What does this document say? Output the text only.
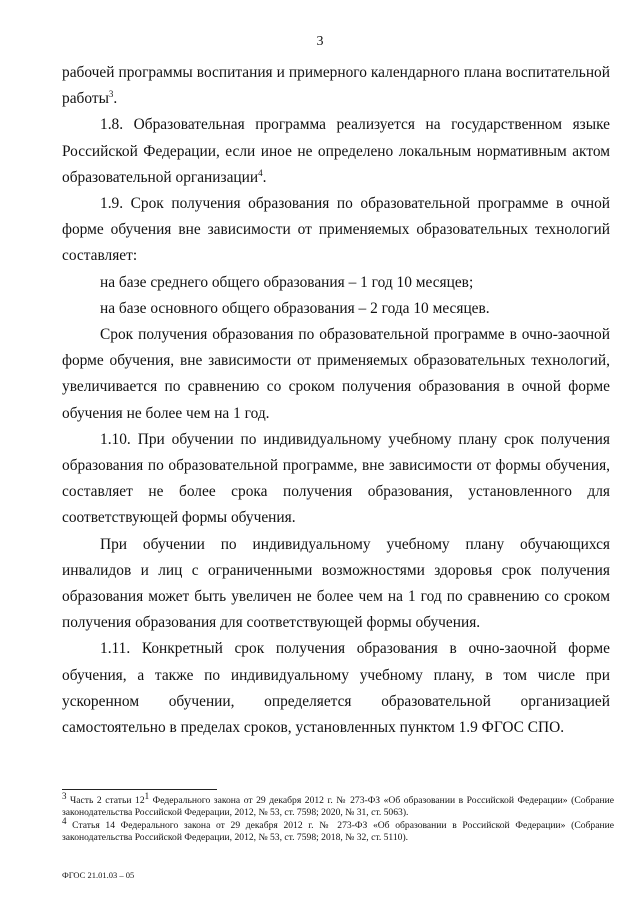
3

рабочей программы воспитания и примерного календарного плана воспитательной работы$^3$.

1.8. Образовательная программа реализуется на государственном языке Российской Федерации, если иное не определено локальным нормативным актом образовательной организации$^4$.

1.9. Срок получения образования по образовательной программе в очной форме обучения вне зависимости от применяемых образовательных технологий составляет:

на базе среднего общего образования – 1 год 10 месяцев;

на базе основного общего образования – 2 года 10 месяцев.

Срок получения образования по образовательной программе в очно-заочной форме обучения, вне зависимости от применяемых образовательных технологий, увеличивается по сравнению со сроком получения образования в очной форме обучения не более чем на 1 год.

1.10. При обучении по индивидуальному учебному плану срок получения образования по образовательной программе, вне зависимости от формы обучения, составляет не более срока получения образования, установленного для соответствующей формы обучения.

При обучении по индивидуальному учебному плану обучающихся инвалидов и лиц с ограниченными возможностями здоровья срок получения образования может быть увеличен не более чем на 1 год по сравнению со сроком получения образования для соответствующей формы обучения.

1.11. Конкретный срок получения образования в очно-заочной форме обучения, а также по индивидуальному учебному плану, в том числе при ускоренном обучении, определяется образовательной организацией самостоятельно в пределах сроков, установленных пунктом 1.9 ФГОС СПО.

$^3$ Часть 2 статьи $12^1$ Федерального закона от 29 декабря 2012 г. № 273-ФЗ «Об образовании в Российской Федерации» (Собрание законодательства Российской Федерации, 2012, № 53, ст. 7598; 2020, № 31, ст. 5063).

$^4$ Статья 14 Федерального закона от 29 декабря 2012 г. № 273-ФЗ «Об образовании в Российской Федерации» (Собрание законодательства Российской Федерации, 2012, № 53, ст. 7598; 2018, № 32, ст. 5110).

ФГОС 21.01.03 – 05
